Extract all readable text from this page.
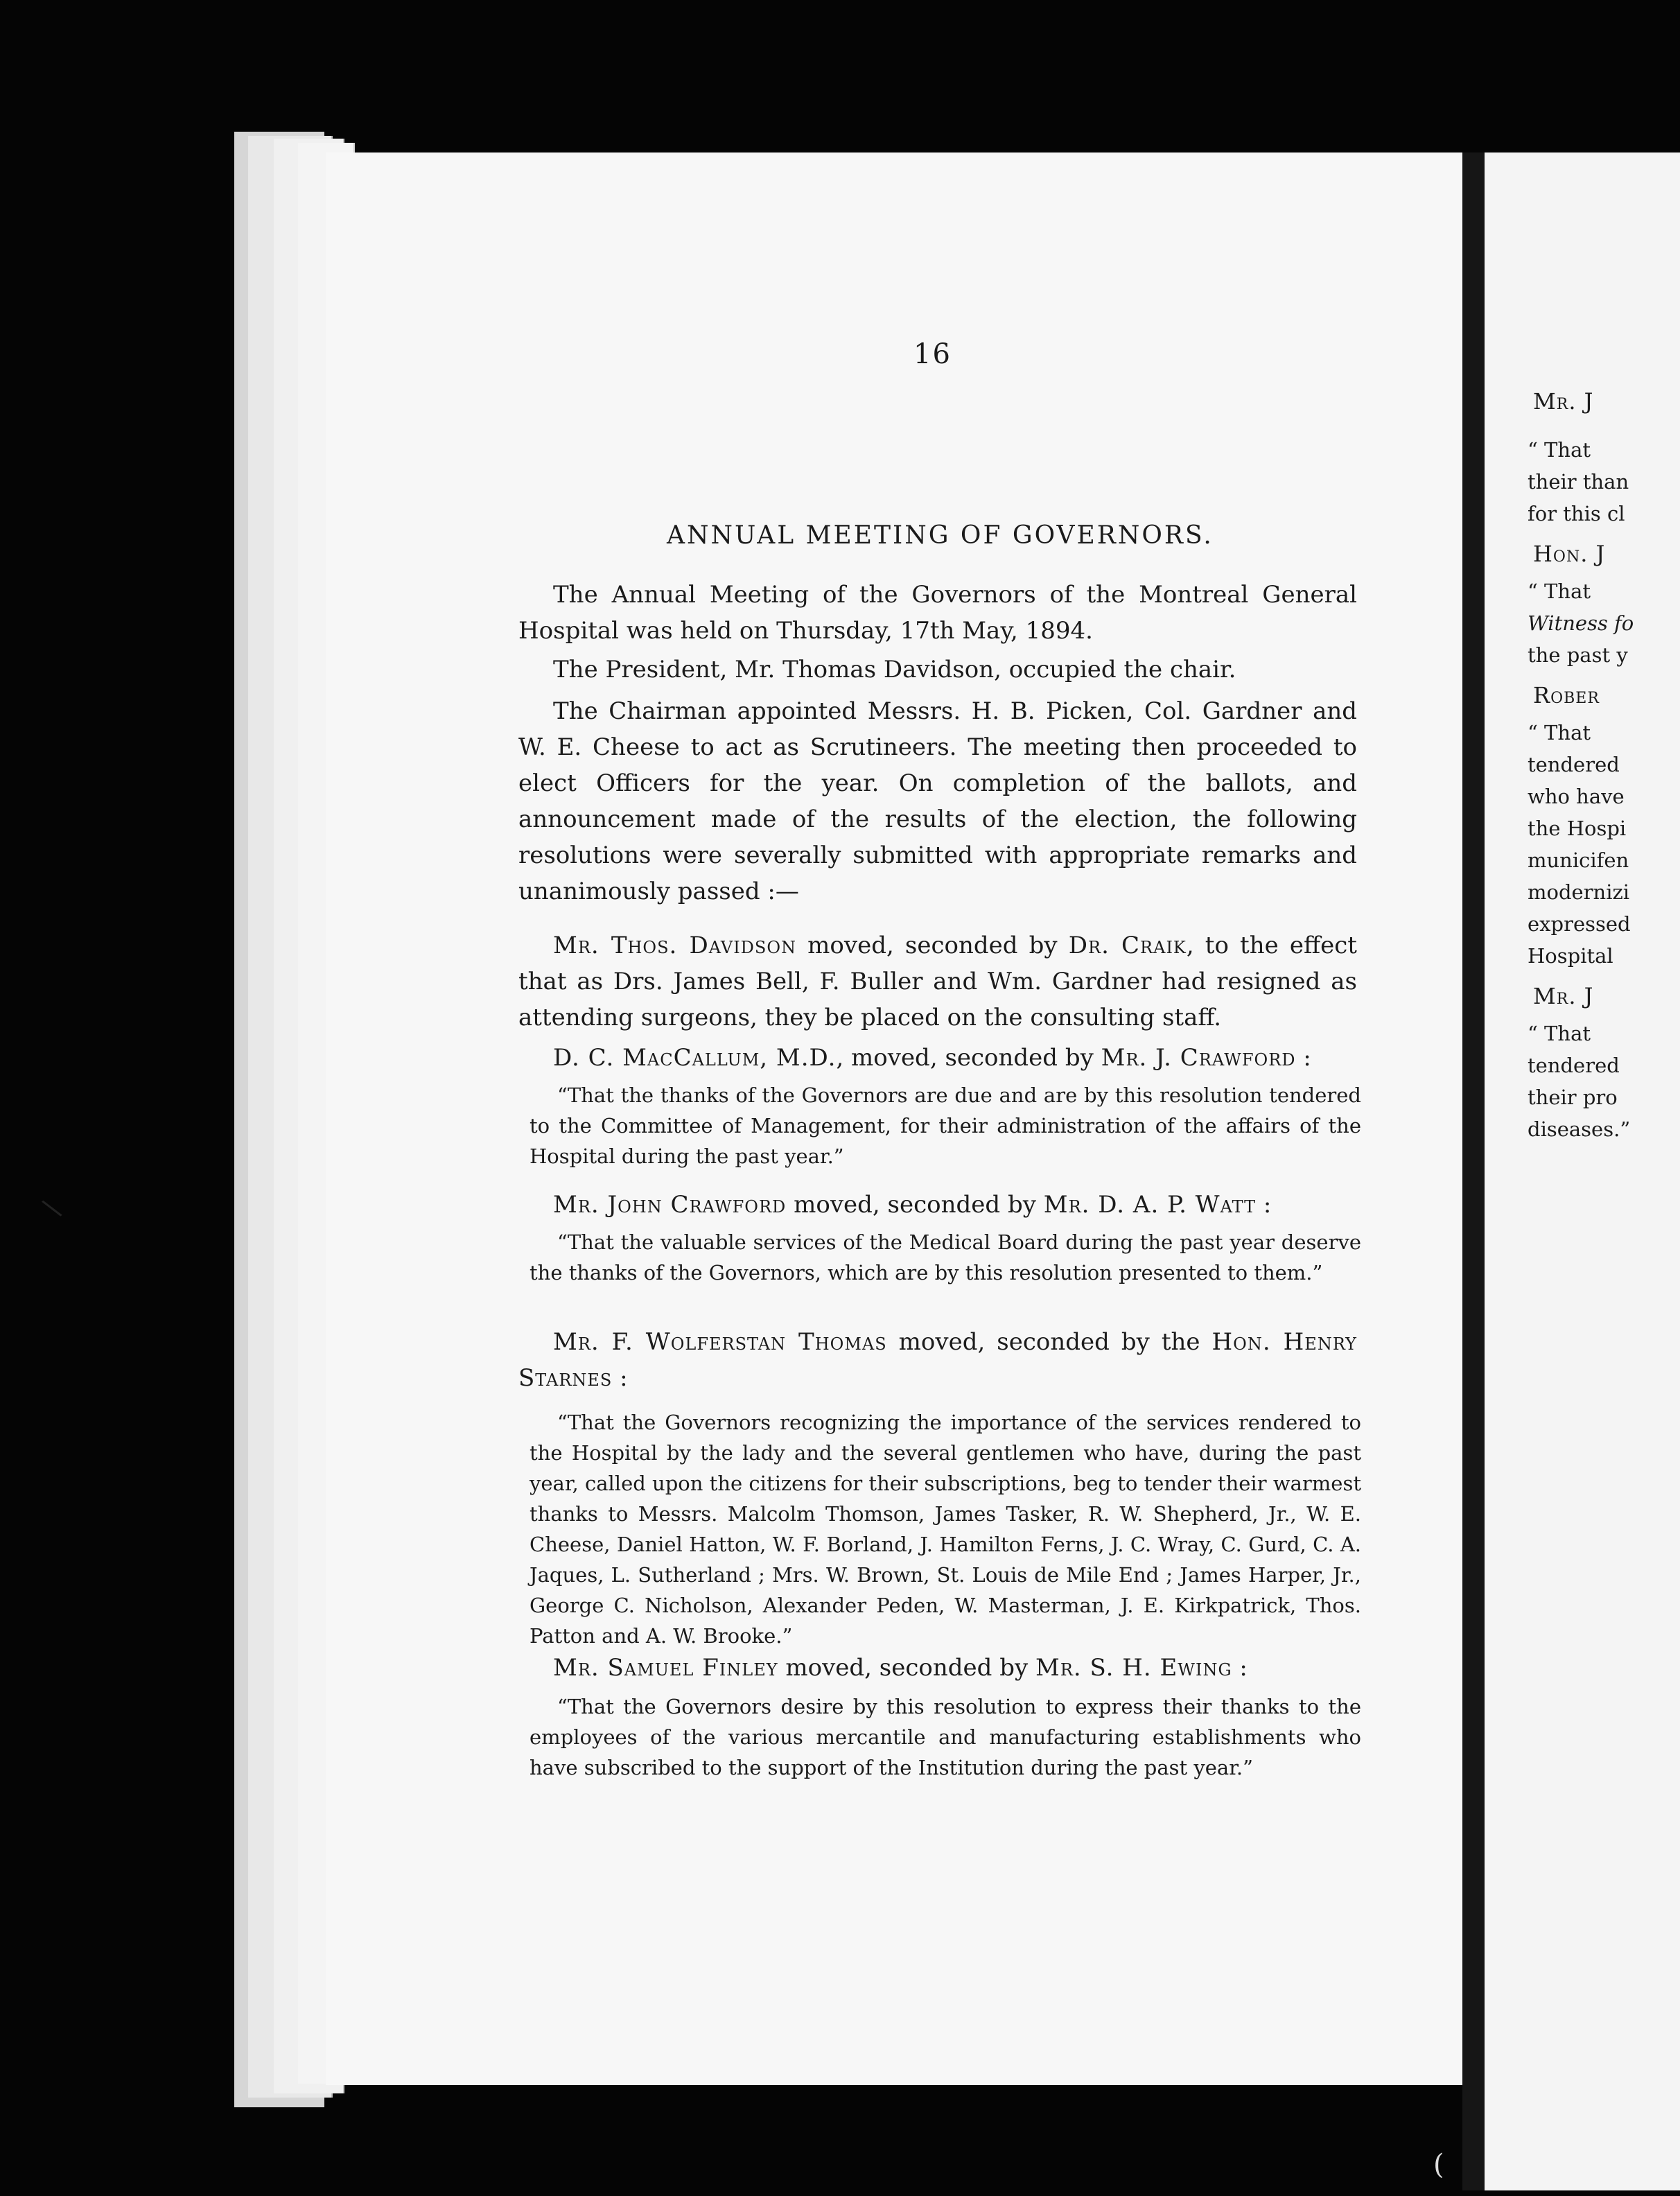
\
(
16
ANNUAL MEETING OF GOVERNORS.

The Annual Meeting of the Governors of the Montreal General Hospital was held on Thursday, 17th May, 1894.

The President, Mr. Thomas Davidson, occupied the chair.

The Chairman appointed Messrs. H. B. Picken, Col. Gardner and W. E. Cheese to act as Scrutineers. The meeting then proceeded to elect Officers for the year. On completion of the ballots, and announcement made of the results of the election, the following resolutions were severally submitted with appropriate remarks and unanimously passed :—

Mr. Thos. Davidson moved, seconded by Dr. Craik, to the effect that as Drs. James Bell, F. Buller and Wm. Gardner had resigned as attending surgeons, they be placed on the consulting staff.

D. C. MacCallum, M.D., moved, seconded by Mr. J. Crawford :

“That the thanks of the Governors are due and are by this resolution tendered to the Committee of Management, for their administration of the affairs of the Hospital during the past year.”

Mr. John Crawford moved, seconded by Mr. D. A. P. Watt :

“That the valuable services of the Medical Board during the past year deserve the thanks of the Governors, which are by this resolution presented to them.”

Mr. F. Wolferstan Thomas moved, seconded by the Hon. Henry Starnes :

“That the Governors recognizing the importance of the services rendered to the Hospital by the lady and the several gentlemen who have, during the past year, called upon the citizens for their subscriptions, beg to tender their warmest thanks to Messrs. Malcolm Thomson, James Tasker, R. W. Shepherd, Jr., W. E. Cheese, Daniel Hatton, W. F. Borland, J. Hamilton Ferns, J. C. Wray, C. Gurd, C. A. Jaques, L. Sutherland ; Mrs. W. Brown, St. Louis de Mile End ; James Harper, Jr., George C. Nicholson, Alexander Peden, W. Masterman, J. E. Kirkpatrick, Thos. Patton and A. W. Brooke.”

Mr. Samuel Finley moved, seconded by Mr. S. H. Ewing :

“That the Governors desire by this resolution to express their thanks to the employees of the various mercantile and manufacturing establishments who have subscribed to the support of the Institution during the past year.”

Mr. J
“ That
their than
for this cl
Hon. J
“ That
Witness fo
the past y
Rober
“ That
tendered
who have
the Hospi
municifen
modernizi
expressed
Hospital
Mr. J
“ That
tendered
their pro
diseases.”
